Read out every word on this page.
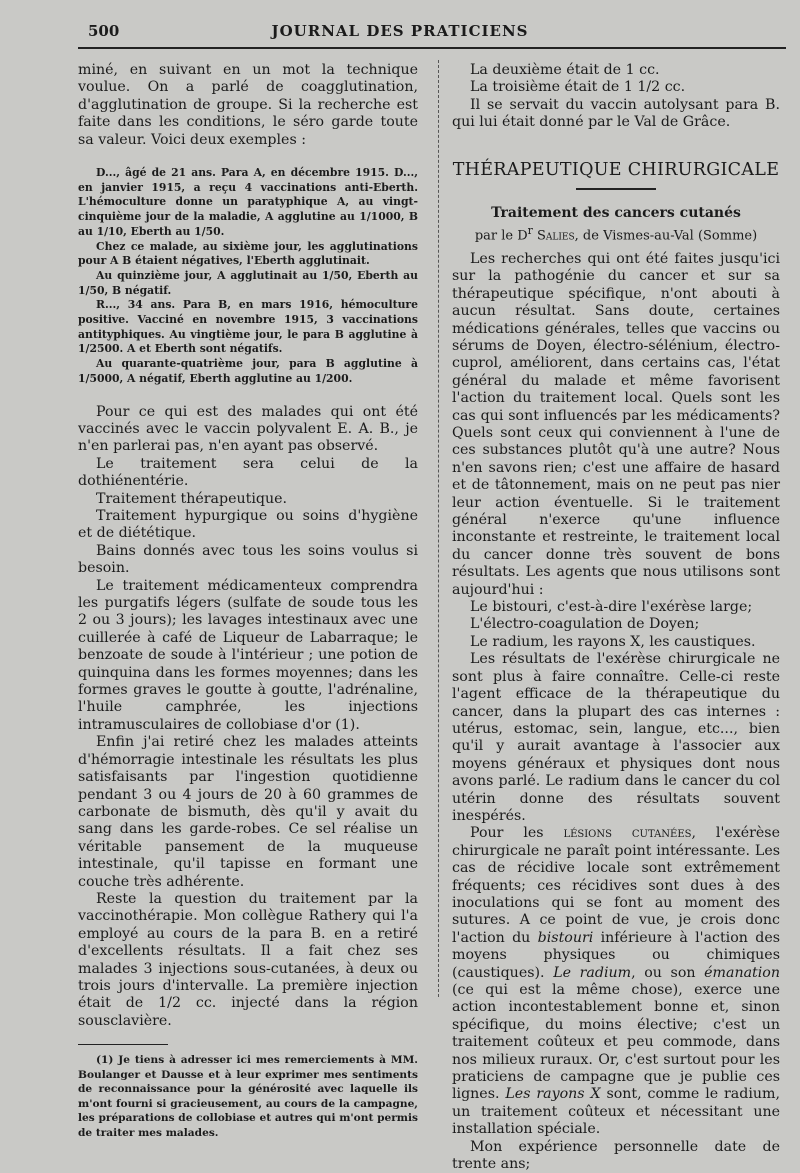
500	JOURNAL DES PRATICIENS

miné, en suivant en un mot la technique voulue. On a parlé de coagglutination, d'agglutination de groupe. Si la recherche est faite dans les conditions, le séro garde toute sa valeur. Voici deux exemples :

D..., âgé de 21 ans. Para A, en décembre 1915. D..., en janvier 1915, a reçu 4 vaccinations anti-Eberth. L'hémoculture donne un paratyphique A, au vingt-cinquième jour de la maladie, A agglutine au 1/1000, B au 1/10, Eberth au 1/50.

Chez ce malade, au sixième jour, les agglutinations pour A B étaient négatives, l'Eberth agglutinait.

Au quinzième jour, A agglutinait au 1/50, Eberth au 1/50, B négatif.

R..., 34 ans. Para B, en mars 1916, hémoculture positive. Vacciné en novembre 1915, 3 vaccinations antityphiques. Au vingtième jour, le para B agglutine à 1/2500. A et Eberth sont négatifs.

Au quarante-quatrième jour, para B agglutine à 1/5000, A négatif, Eberth agglutine au 1/200.

Pour ce qui est des malades qui ont été vaccinés avec le vaccin polyvalent E. A. B., je n'en parlerai pas, n'en ayant pas observé.

Le traitement sera celui de la dothiénentérie.

Traitement thérapeutique.

Traitement hypurgique ou soins d'hygiène et de diététique.

Bains donnés avec tous les soins voulus si besoin.

Le traitement médicamenteux comprendra les purgatifs légers (sulfate de soude tous les 2 ou 3 jours); les lavages intestinaux avec une cuillerée à café de Liqueur de Labarraque; le benzoate de soude à l'intérieur ; une potion de quinquina dans les formes moyennes; dans les formes graves le goutte à goutte, l'adrénaline, l'huile camphrée, les injections intramusculaires de collobiase d'or (1).

Enfin j'ai retiré chez les malades atteints d'hémorragie intestinale les résultats les plus satisfaisants par l'ingestion quotidienne pendant 3 ou 4 jours de 20 à 60 grammes de carbonate de bismuth, dès qu'il y avait du sang dans les garde-robes. Ce sel réalise un véritable pansement de la muqueuse intestinale, qu'il tapisse en formant une couche très adhérente.

Reste la question du traitement par la vaccinothérapie. Mon collègue Rathery qui l'a employé au cours de la para B. en a retiré d'excellents résultats. Il a fait chez ses malades 3 injections sous-cutanées, à deux ou trois jours d'intervalle. La première injection était de 1/2 cc. injecté dans la région sousclavière.

(1) Je tiens à adresser ici mes remerciements à MM. Boulanger et Dausse et à leur exprimer mes sentiments de reconnaissance pour la générosité avec laquelle ils m'ont fourni si gracieusement, au cours de la campagne, les préparations de collobiase et autres qui m'ont permis de traiter mes malades.

La deuxième était de 1 cc.

La troisième était de 1 1/2 cc.

Il se servait du vaccin autolysant para B. qui lui était donné par le Val de Grâce.

THÉRAPEUTIQUE CHIRURGICALE
Traitement des cancers cutanés
par le $D^r$ Salies, de Vismes-au-Val (Somme)

Les recherches qui ont été faites jusqu'ici sur la pathogénie du cancer et sur sa thérapeutique spécifique, n'ont abouti à aucun résultat. Sans doute, certaines médications générales, telles que vaccins ou sérums de Doyen, électro-sélénium, électro-cuprol, améliorent, dans certains cas, l'état général du malade et même favorisent l'action du traitement local. Quels sont les cas qui sont influencés par les médicaments? Quels sont ceux qui conviennent à l'une de ces substances plutôt qu'à une autre? Nous n'en savons rien; c'est une affaire de hasard et de tâtonnement, mais on ne peut pas nier leur action éventuelle. Si le traitement général n'exerce qu'une influence inconstante et restreinte, le traitement local du cancer donne très souvent de bons résultats. Les agents que nous utilisons sont aujourd'hui :

Le bistouri, c'est-à-dire l'exérèse large;

L'électro-coagulation de Doyen;

Le radium, les rayons X, les caustiques.

Les résultats de l'exérèse chirurgicale ne sont plus à faire connaître. Celle-ci reste l'agent efficace de la thérapeutique du cancer, dans la plupart des cas internes : utérus, estomac, sein, langue, etc..., bien qu'il y aurait avantage à l'associer aux moyens généraux et physiques dont nous avons parlé. Le radium dans le cancer du col utérin donne des résultats souvent inespérés.

Pour les lésions cutanées, l'exérèse chirurgicale ne paraît point intéressante. Les cas de récidive locale sont extrêmement fréquents; ces récidives sont dues à des inoculations qui se font au moment des sutures. A ce point de vue, je crois donc l'action du bistouri inférieure à l'action des moyens physiques ou chimiques (caustiques). Le radium, ou son émanation (ce qui est la même chose), exerce une action incontestablement bonne et, sinon spécifique, du moins élective; c'est un traitement coûteux et peu commode, dans nos milieux ruraux. Or, c'est surtout pour les praticiens de campagne que je publie ces lignes. Les rayons X sont, comme le radium, un traitement coûteux et nécessitant une installation spéciale.

Mon expérience personnelle date de trente ans;
